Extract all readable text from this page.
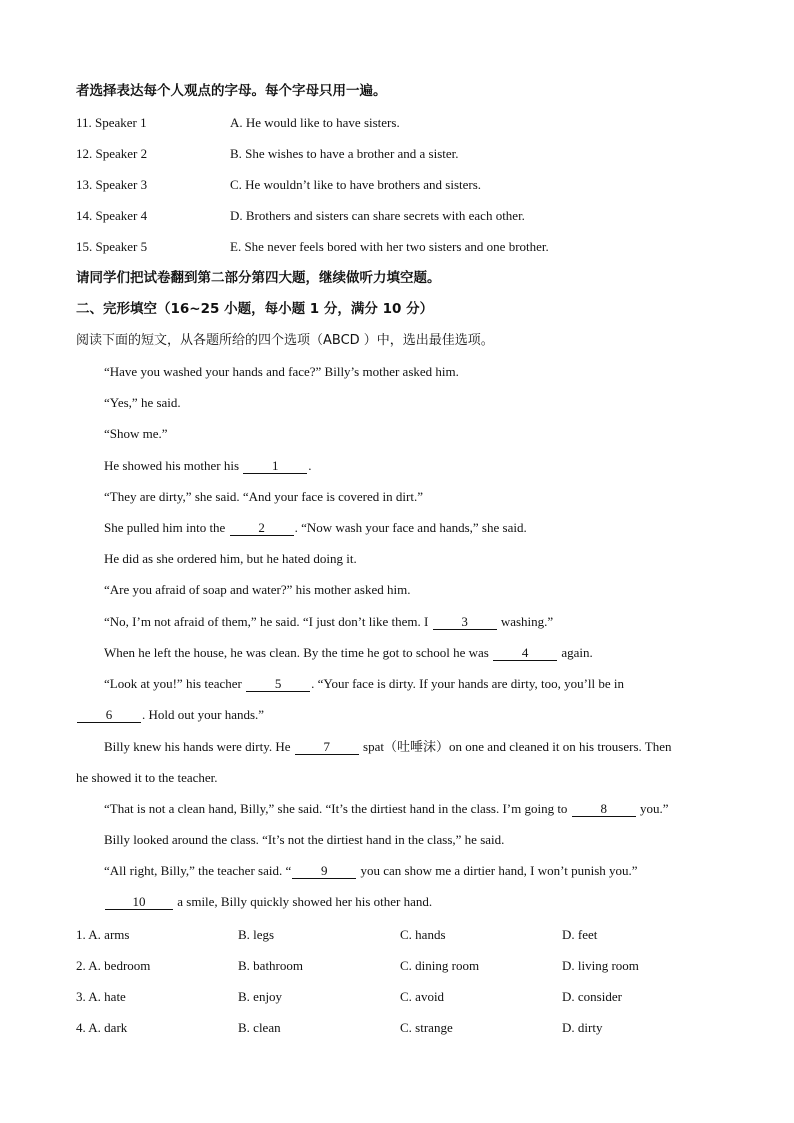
者选择表达每个人观点的字母。每个字母只用一遍。
11. Speaker 1	A. He would like to have sisters.
12. Speaker 2	B. She wishes to have a brother and a sister.
13. Speaker 3	C. He wouldn’t like to have brothers and sisters.
14. Speaker 4	D. Brothers and sisters can share secrets with each other.
15. Speaker 5	E. She never feels bored with her two sisters and one brother.
请同学们把试卷翻到第二部分第四大题，继续做听力填空题。
二、完形填空（16~25 小题，每小题 1 分，满分 10 分）
阅读下面的短文，从各题所给的四个选项（ABCD ）中，选出最佳选项。
“Have you washed your hands and face?” Billy’s mother asked him.
“Yes,” he said.
“Show me.”
He showed his mother his 1 .
“They are dirty,” she said. “And your face is covered in dirt.”
She pulled him into the 2 . “Now wash your face and hands,” she said.
He did as she ordered him, but he hated doing it.
“Are you afraid of soap and water?” his mother asked him.
“No, I’m not afraid of them,” he said. “I just don’t like them. I 3 washing.”
When he left the house, he was clean. By the time he got to school he was 4 again.
“Look at you!” his teacher 5 . “Your face is dirty. If your hands are dirty, too, you’ll be in
6 . Hold out your hands.”
Billy knew his hands were dirty. He 7 spat（吐唾沫）on one and cleaned it on his trousers. Then
he showed it to the teacher.
“That is not a clean hand, Billy,” she said. “It’s the dirtiest hand in the class. I’m going to 8 you.”
Billy looked around the class. “It’s not the dirtiest hand in the class,” he said.
“All right, Billy,” the teacher said. “ 9 you can show me a dirtier hand, I won’t punish you.”
10 a smile, Billy quickly showed her his other hand.
1. A. arms	B. legs	C. hands	D. feet
2. A. bedroom	B. bathroom	C. dining room	D. living room
3. A. hate	B. enjoy	C. avoid	D. consider
4. A. dark	B. clean	C. strange	D. dirty
